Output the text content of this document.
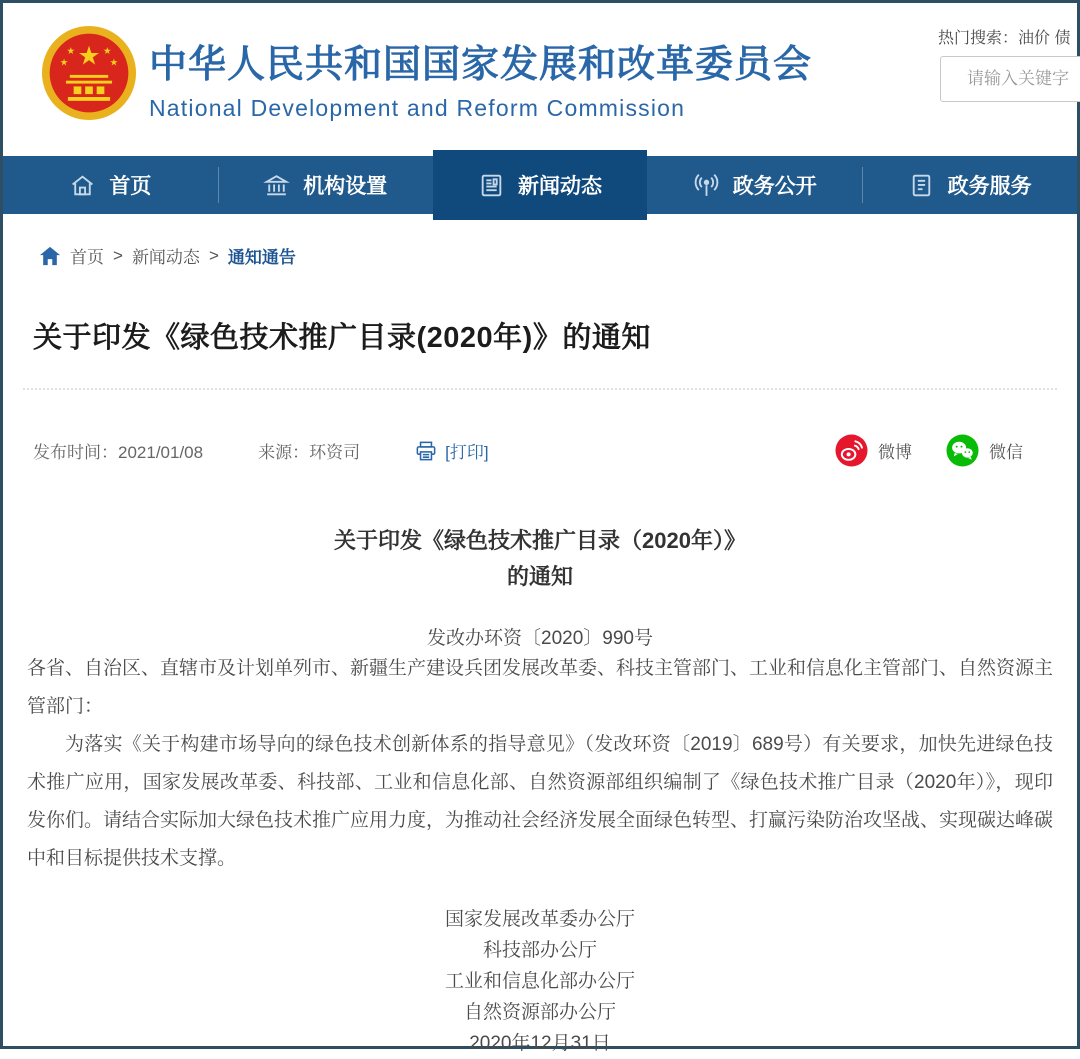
★
★	★
★	★ 中华人民共和国国家发展和改革委员会
National Development and Reform Commission
热门搜索：油价 债
请输入关键字
首页	机构设置	新闻动态	政务公开	政务服务
首页 > 新闻动态 > 通知通告
关于印发《绿色技术推广目录(2020年)》的通知
发布时间：2021/01/08	来源：环资司	[打印]	微博	微信
关于印发《绿色技术推广目录（2020年）》
的通知
发改办环资〔2020〕990号

各省、自治区、直辖市及计划单列市、新疆生产建设兵团发展改革委、科技主管部门、工业和信息化主管部门、自然资源主管部门：

为落实《关于构建市场导向的绿色技术创新体系的指导意见》（发改环资〔2019〕689号）有关要求，加快先进绿色技术推广应用，国家发展改革委、科技部、工业和信息化部、自然资源部组织编制了《绿色技术推广目录（2020年）》，现印发你们。请结合实际加大绿色技术推广应用力度，为推动社会经济发展全面绿色转型、打赢污染防治攻坚战、实现碳达峰碳中和目标提供技术支撑。

国家发展改革委办公厅
科技部办公厅
工业和信息化部办公厅
自然资源部办公厅
2020年12月31日
